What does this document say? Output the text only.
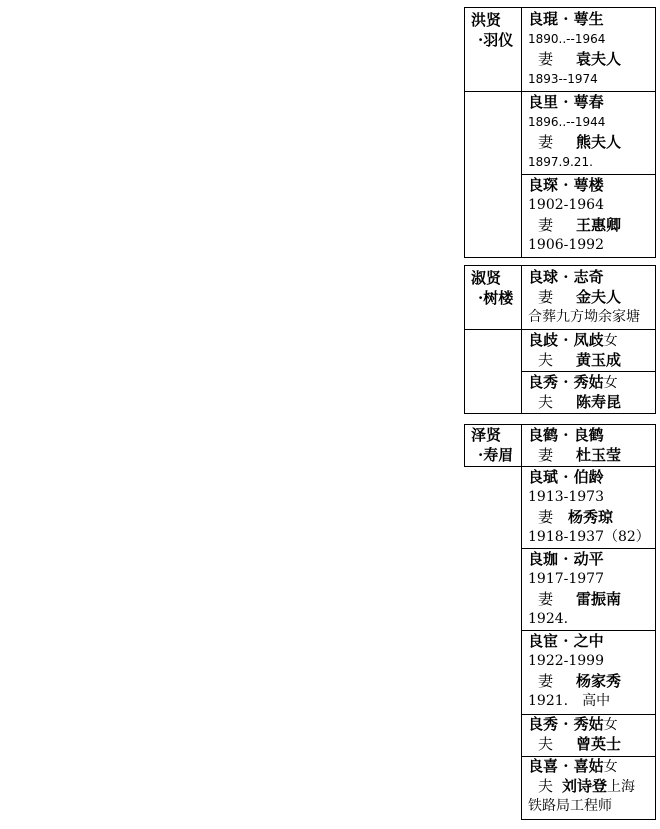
洪贤
·羽仪
良琨 · 萼生
1890..--1964
妻 袁夫人
1893--1974
良里 · 萼春
1896..--1944
妻 熊夫人
1897.9.21.
良琛 · 萼楼
1902-1964
妻 王惠卿
1906-1992
淑贤
·树楼
良球 · 志奇
妻 金夫人
合葬九方坳余家塘
良歧 · 凤歧女
夫 黄玉成
良秀 · 秀姑女
夫 陈寿昆
泽贤
·寿眉
良鹤 · 良鹤
妻 杜玉莹
良珷 · 伯龄
1913-1973
妻 杨秀琼
1918-1937（82）
良珈 · 动平
1917-1977
妻 雷振南
1924.
良宦 · 之中
1922-1999
妻 杨家秀
1921. 高中
良秀 · 秀姑女
夫 曾英士
良喜 · 喜姑女
夫 刘诗登上海
铁路局工程师
